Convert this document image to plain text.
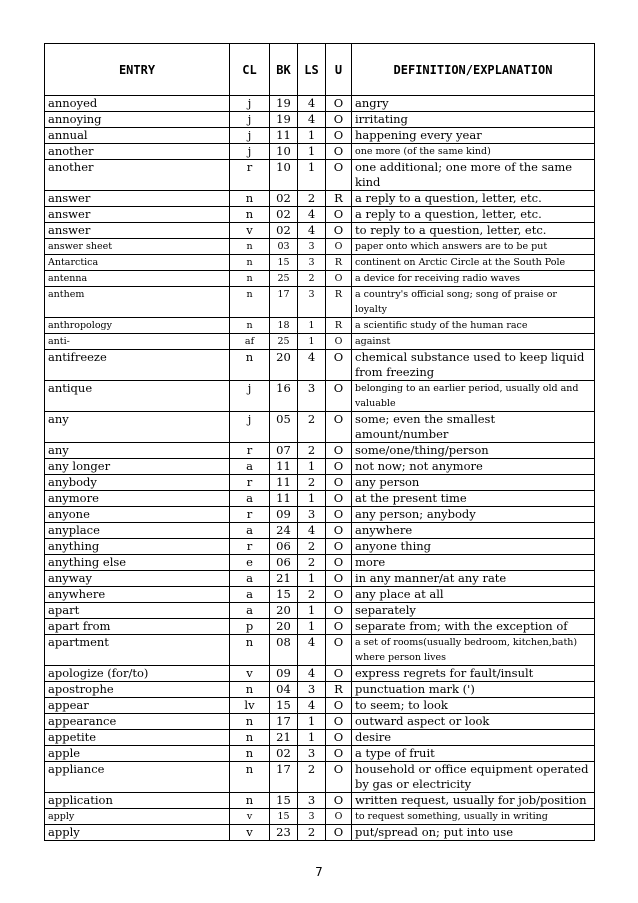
ENTRY	CL	BK	LS	U	DEFINITION/EXPLANATION
annoyed	j	19	4	O	angry
annoying	j	19	4	O	irritating
annual	j	11	1	O	happening every year
another	j	10	1	O	one more (of the same kind)
another	r	10	1	O	one additional; one more of the same kind
answer	n	02	2	R	a reply to a question, letter, etc.
answer	n	02	4	O	a reply to a question, letter, etc.
answer	v	02	4	O	to reply to a question, letter, etc.
answer sheet	n	03	3	O	paper onto which answers are to be put
Antarctica	n	15	3	R	continent on Arctic Circle at the South Pole
antenna	n	25	2	O	a device for receiving radio waves
anthem	n	17	3	R	a country's official song; song of praise or loyalty
anthropology	n	18	1	R	a scientific study of the human race
anti-	af	25	1	O	against
antifreeze	n	20	4	O	chemical substance used to keep liquid from freezing
antique	j	16	3	O	belonging to an earlier period, usually old and valuable
any	j	05	2	O	some; even the smallest amount/number
any	r	07	2	O	some/one/thing/person
any longer	a	11	1	O	not now; not anymore
anybody	r	11	2	O	any person
anymore	a	11	1	O	at the present time
anyone	r	09	3	O	any person; anybody
anyplace	a	24	4	O	anywhere
anything	r	06	2	O	anyone thing
anything else	e	06	2	O	more
anyway	a	21	1	O	in any manner/at any rate
anywhere	a	15	2	O	any place at all
apart	a	20	1	O	separately
apart from	p	20	1	O	separate from; with the exception of
apartment	n	08	4	O	a set of rooms(usually bedroom, kitchen,bath) where person lives
apologize (for/to)	v	09	4	O	express regrets for fault/insult
apostrophe	n	04	3	R	punctuation mark (')
appear	lv	15	4	O	to seem; to look
appearance	n	17	1	O	outward aspect or look
appetite	n	21	1	O	desire
apple	n	02	3	O	a type of fruit
appliance	n	17	2	O	household or office equipment operated by gas or electricity
application	n	15	3	O	written request, usually for job/position
apply	v	15	3	O	to request something, usually in writing
apply	v	23	2	O	put/spread on; put into use
7
